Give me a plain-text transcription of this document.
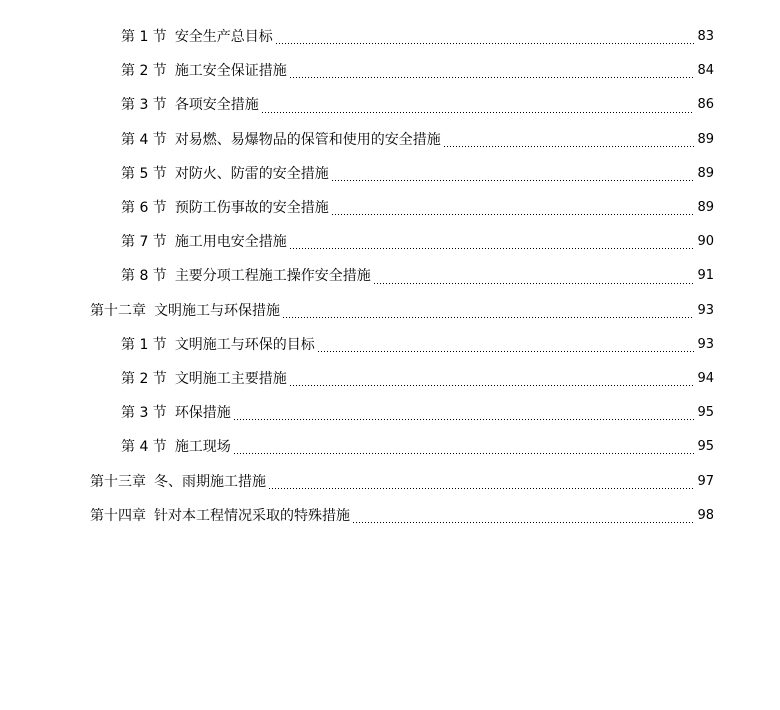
第 1 节 安全生产总目标	83
第 2 节 施工安全保证措施	84
第 3 节 各项安全措施	86
第 4 节 对易燃、易爆物品的保管和使用的安全措施	89
第 5 节 对防火、防雷的安全措施	89
第 6 节 预防工伤事故的安全措施	89
第 7 节 施工用电安全措施	90
第 8 节 主要分项工程施工操作安全措施	91
第十二章 文明施工与环保措施	93
第 1 节 文明施工与环保的目标	93
第 2 节 文明施工主要措施	94
第 3 节 环保措施	95
第 4 节 施工现场	95
第十三章 冬、雨期施工措施	97
第十四章 针对本工程情况采取的特殊措施	98
